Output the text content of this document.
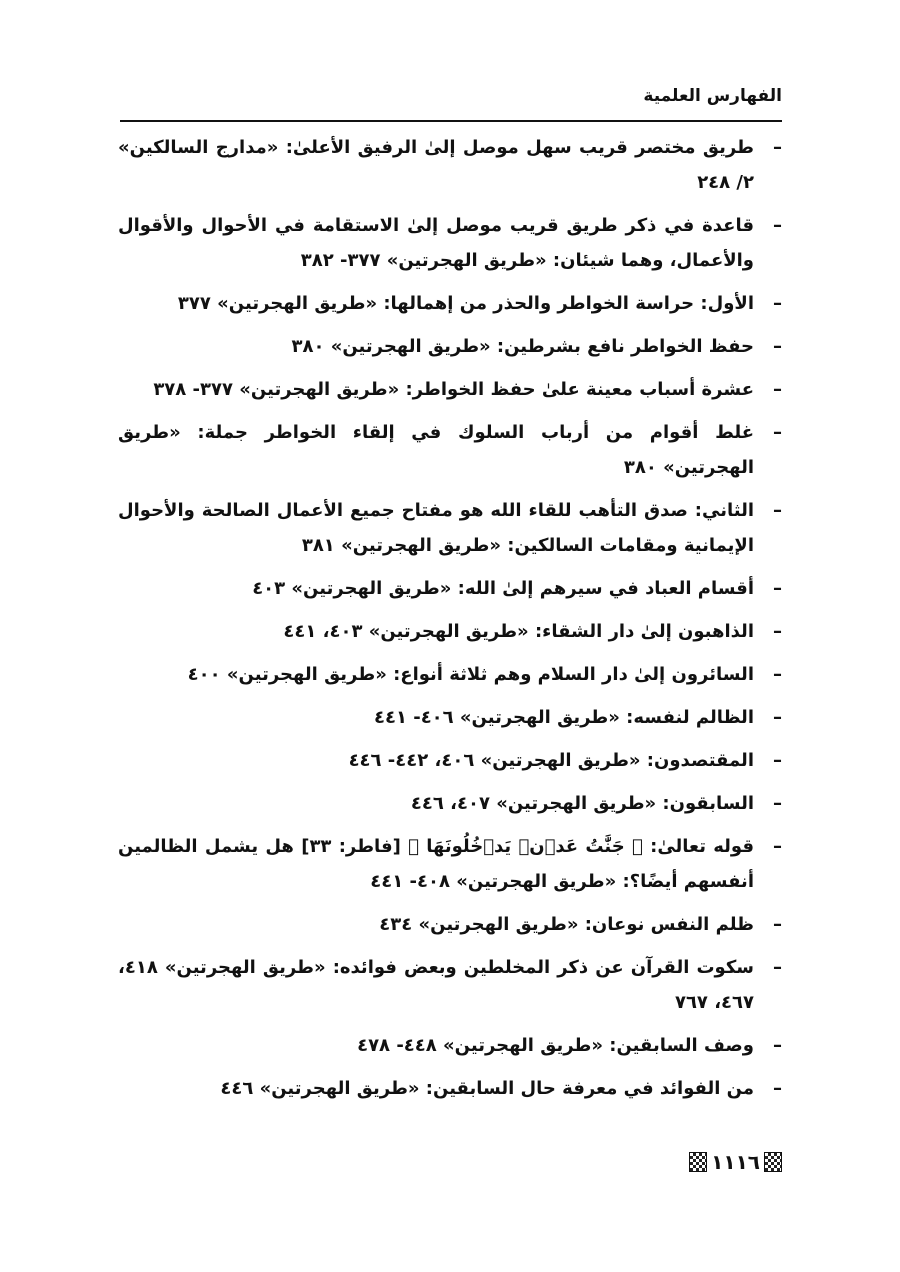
الفهارس العلمية
–
طريق مختصر قريب سهل موصل إلىٰ الرفيق الأعلىٰ: «مدارج السالكين» ٢/ ٢٤٨
–
قاعدة في ذكر طريق قريب موصل إلىٰ الاستقامة في الأحوال والأقوال والأعمال، وهما شيئان: «طريق الهجرتين» ٣٧٧- ٣٨٢
–
الأول: حراسة الخواطر والحذر من إهمالها: «طريق الهجرتين» ٣٧٧
–
حفظ الخواطر نافع بشرطين: «طريق الهجرتين» ٣٨٠
–
عشرة أسباب معينة علىٰ حفظ الخواطر: «طريق الهجرتين» ٣٧٧- ٣٧٨
–
غلط أقوام من أرباب السلوك في إلقاء الخواطر جملة: «طريق الهجرتين» ٣٨٠
–
الثاني: صدق التأهب للقاء الله هو مفتاح جميع الأعمال الصالحة والأحوال الإيمانية ومقامات السالكين: «طريق الهجرتين» ٣٨١
–
أقسام العباد في سيرهم إلىٰ الله: «طريق الهجرتين» ٤٠٣
–
الذاهبون إلىٰ دار الشقاء: «طريق الهجرتين» ٤٠٣، ٤٤١
–
السائرون إلىٰ دار السلام وهم ثلاثة أنواع: «طريق الهجرتين» ٤٠٠
–
الظالم لنفسه: «طريق الهجرتين» ٤٠٦- ٤٤١
–
المقتصدون: «طريق الهجرتين» ٤٠٦، ٤٤٢- ٤٤٦
–
السابقون: «طريق الهجرتين» ٤٠٧، ٤٤٦
–
قوله تعالىٰ: ﴿ جَنَّٰتُ عَدۡنٖ يَدۡخُلُونَهَا ﴾ [فاطر: ٣٣] هل يشمل الظالمين أنفسهم أيضًا؟: «طريق الهجرتين» ٤٠٨- ٤٤١
–
ظلم النفس نوعان: «طريق الهجرتين» ٤٣٤
–
سكوت القرآن عن ذكر المخلطين وبعض فوائده: «طريق الهجرتين» ٤١٨، ٤٦٧، ٧٦٧
–
وصف السابقين: «طريق الهجرتين» ٤٤٨- ٤٧٨
–
من الفوائد في معرفة حال السابقين: «طريق الهجرتين» ٤٤٦
١١١٦
